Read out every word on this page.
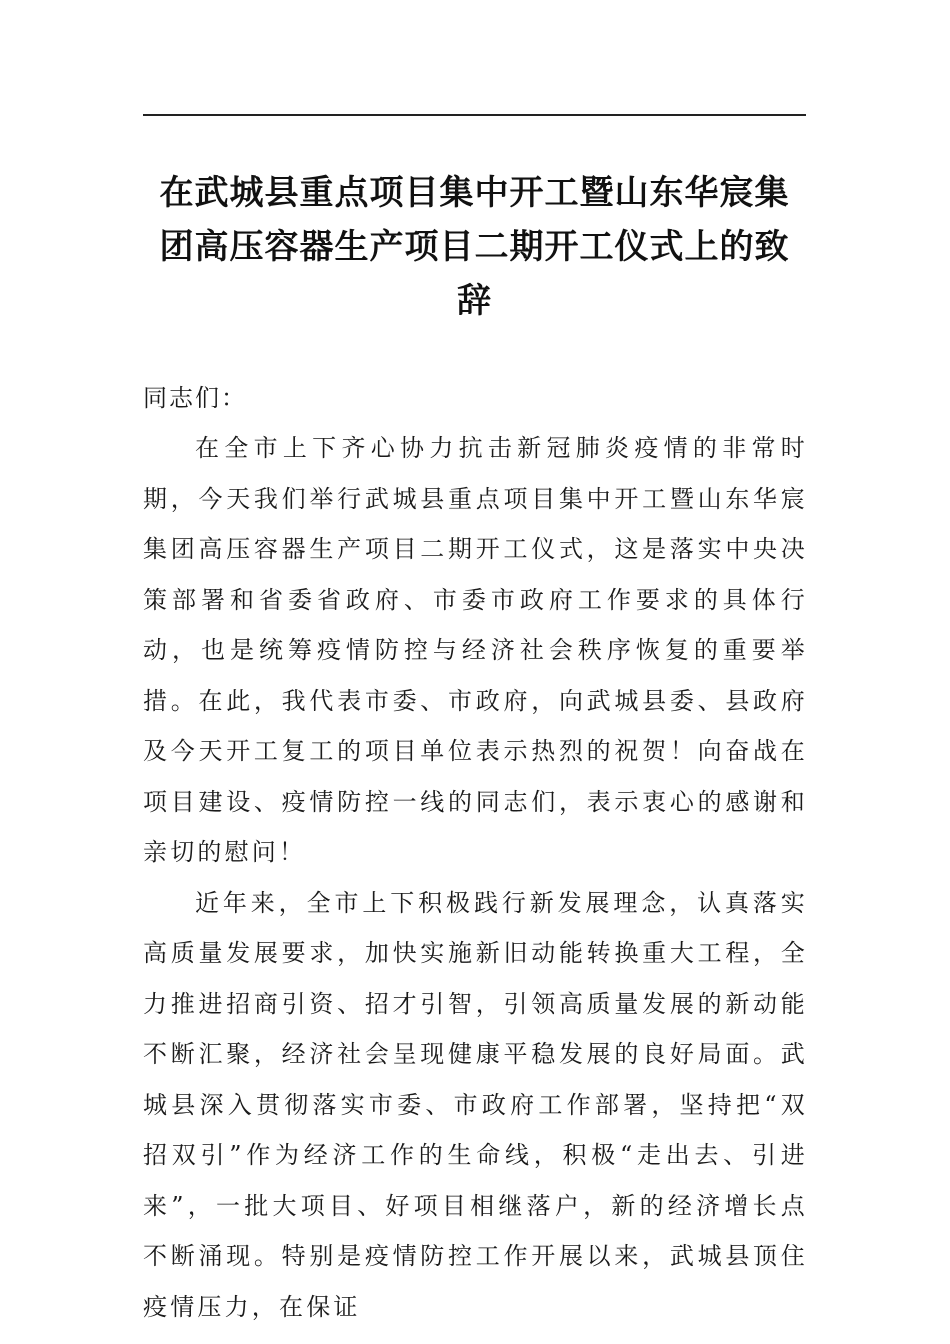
在武城县重点项目集中开工暨山东华宸集团高压容器生产项目二期开工仪式上的致辞

同志们：

在全市上下齐心协力抗击新冠肺炎疫情的非常时期，今天我们举行武城县重点项目集中开工暨山东华宸集团高压容器生产项目二期开工仪式，这是落实中央决策部署和省委省政府、市委市政府工作要求的具体行动，也是统筹疫情防控与经济社会秩序恢复的重要举措。在此，我代表市委、市政府，向武城县委、县政府及今天开工复工的项目单位表示热烈的祝贺！向奋战在项目建设、疫情防控一线的同志们，表示衷心的感谢和亲切的慰问！

近年来，全市上下积极践行新发展理念，认真落实高质量发展要求，加快实施新旧动能转换重大工程，全力推进招商引资、招才引智，引领高质量发展的新动能不断汇聚，经济社会呈现健康平稳发展的良好局面。武城县深入贯彻落实市委、市政府工作部署，坚持把“双招双引”作为经济工作的生命线，积极“走出去、引进来”，一批大项目、好项目相继落户，新的经济增长点不断涌现。特别是疫情防控工作开展以来，武城县顶住疫情压力，在保证
